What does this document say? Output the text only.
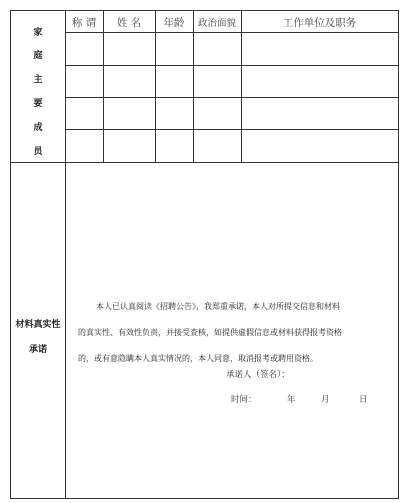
称 谓	姓 名	年龄	政治面貌	工作单位及职务
家
庭
主
要
成
员
材料真实性
承诺

本人已认真阅读《招聘公告》，我郑重承诺，本人对所提交信息和材料

的真实性、有效性负责，并接受查核，如提供虚假信息或材料获得报考资格

的，或有意隐瞒本人真实情况的，本人同意，取消报考或聘用资格。

承诺人（签名）：
时间：	年	月	日
